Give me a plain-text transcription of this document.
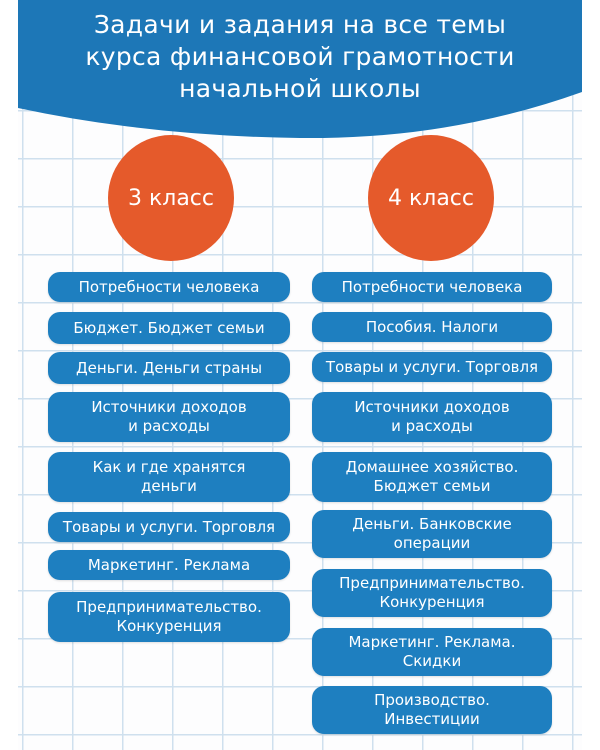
Задачи и задания на все темы
курса финансовой грамотности
начальной школы
3 класс	4 класс
Потребности человека
Бюджет. Бюджет семьи
Деньги. Деньги страны
Источники доходов
и расходы
Как и где хранятся
деньги
Товары и услуги. Торговля
Маркетинг. Реклама
Предпринимательство.
Конкуренция
Потребности человека
Пособия. Налоги
Товары и услуги. Торговля
Источники доходов
и расходы
Домашнее хозяйство.
Бюджет семьи
Деньги. Банковские
операции
Предпринимательство.
Конкуренция
Маркетинг. Реклама.
Скидки
Производство.
Инвестиции
